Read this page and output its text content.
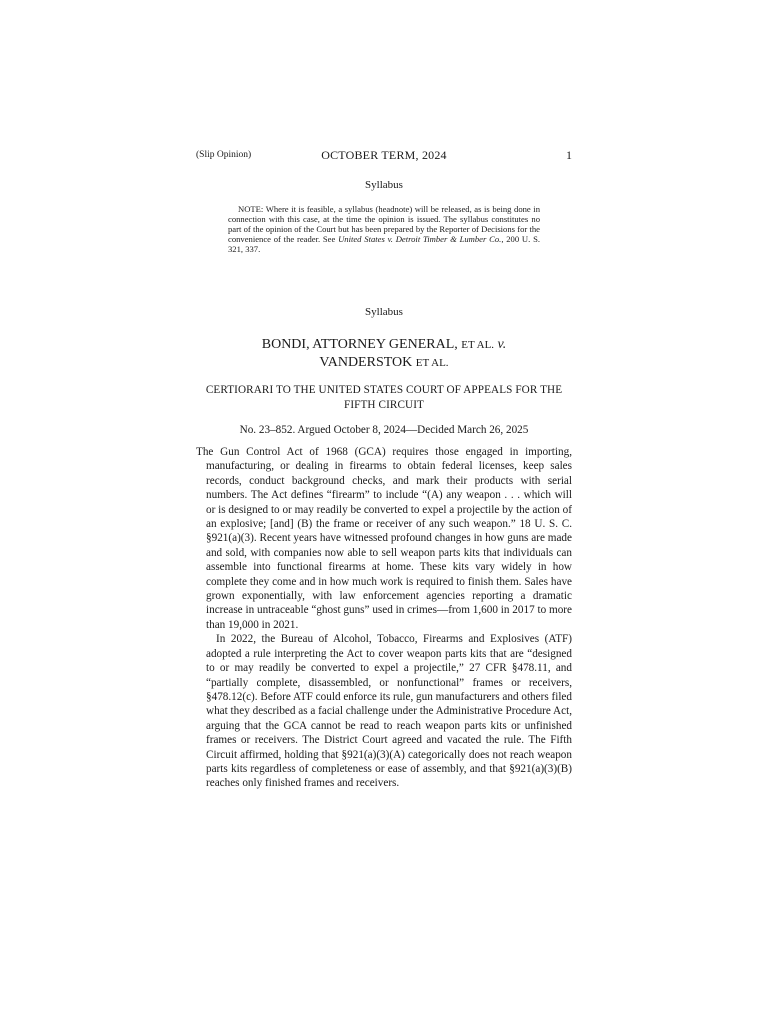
(Slip Opinion)	OCTOBER TERM, 2024	1
Syllabus
NOTE: Where it is feasible, a syllabus (headnote) will be released, as is being done in connection with this case, at the time the opinion is issued. The syllabus constitutes no part of the opinion of the Court but has been prepared by the Reporter of Decisions for the convenience of the reader. See United States v. Detroit Timber & Lumber Co., 200 U. S. 321, 337.
Syllabus
BONDI, ATTORNEY GENERAL, ET AL. v.
VANDERSTOK ET AL.
CERTIORARI TO THE UNITED STATES COURT OF APPEALS FOR THE FIFTH CIRCUIT
No. 23–852. Argued October 8, 2024—Decided March 26, 2025

The Gun Control Act of 1968 (GCA) requires those engaged in importing, manufacturing, or dealing in firearms to obtain federal licenses, keep sales records, conduct background checks, and mark their products with serial numbers. The Act defines “firearm” to include “(A) any weapon . . . which will or is designed to or may readily be converted to expel a projectile by the action of an explosive; [and] (B) the frame or receiver of any such weapon.” 18 U. S. C. §921(a)(3). Recent years have witnessed profound changes in how guns are made and sold, with companies now able to sell weapon parts kits that individuals can assemble into functional firearms at home. These kits vary widely in how complete they come and in how much work is required to finish them. Sales have grown exponentially, with law enforcement agencies reporting a dramatic increase in untraceable “ghost guns” used in crimes—from 1,600 in 2017 to more than 19,000 in 2021.

In 2022, the Bureau of Alcohol, Tobacco, Firearms and Explosives (ATF) adopted a rule interpreting the Act to cover weapon parts kits that are “designed to or may readily be converted to expel a projectile,” 27 CFR §478.11, and “partially complete, disassembled, or nonfunctional” frames or receivers, §478.12(c). Before ATF could enforce its rule, gun manufacturers and others filed what they described as a facial challenge under the Administrative Procedure Act, arguing that the GCA cannot be read to reach weapon parts kits or unfinished frames or receivers. The District Court agreed and vacated the rule. The Fifth Circuit affirmed, holding that §921(a)(3)(A) categorically does not reach weapon parts kits regardless of completeness or ease of assembly, and that §921(a)(3)(B) reaches only finished frames and receivers.
